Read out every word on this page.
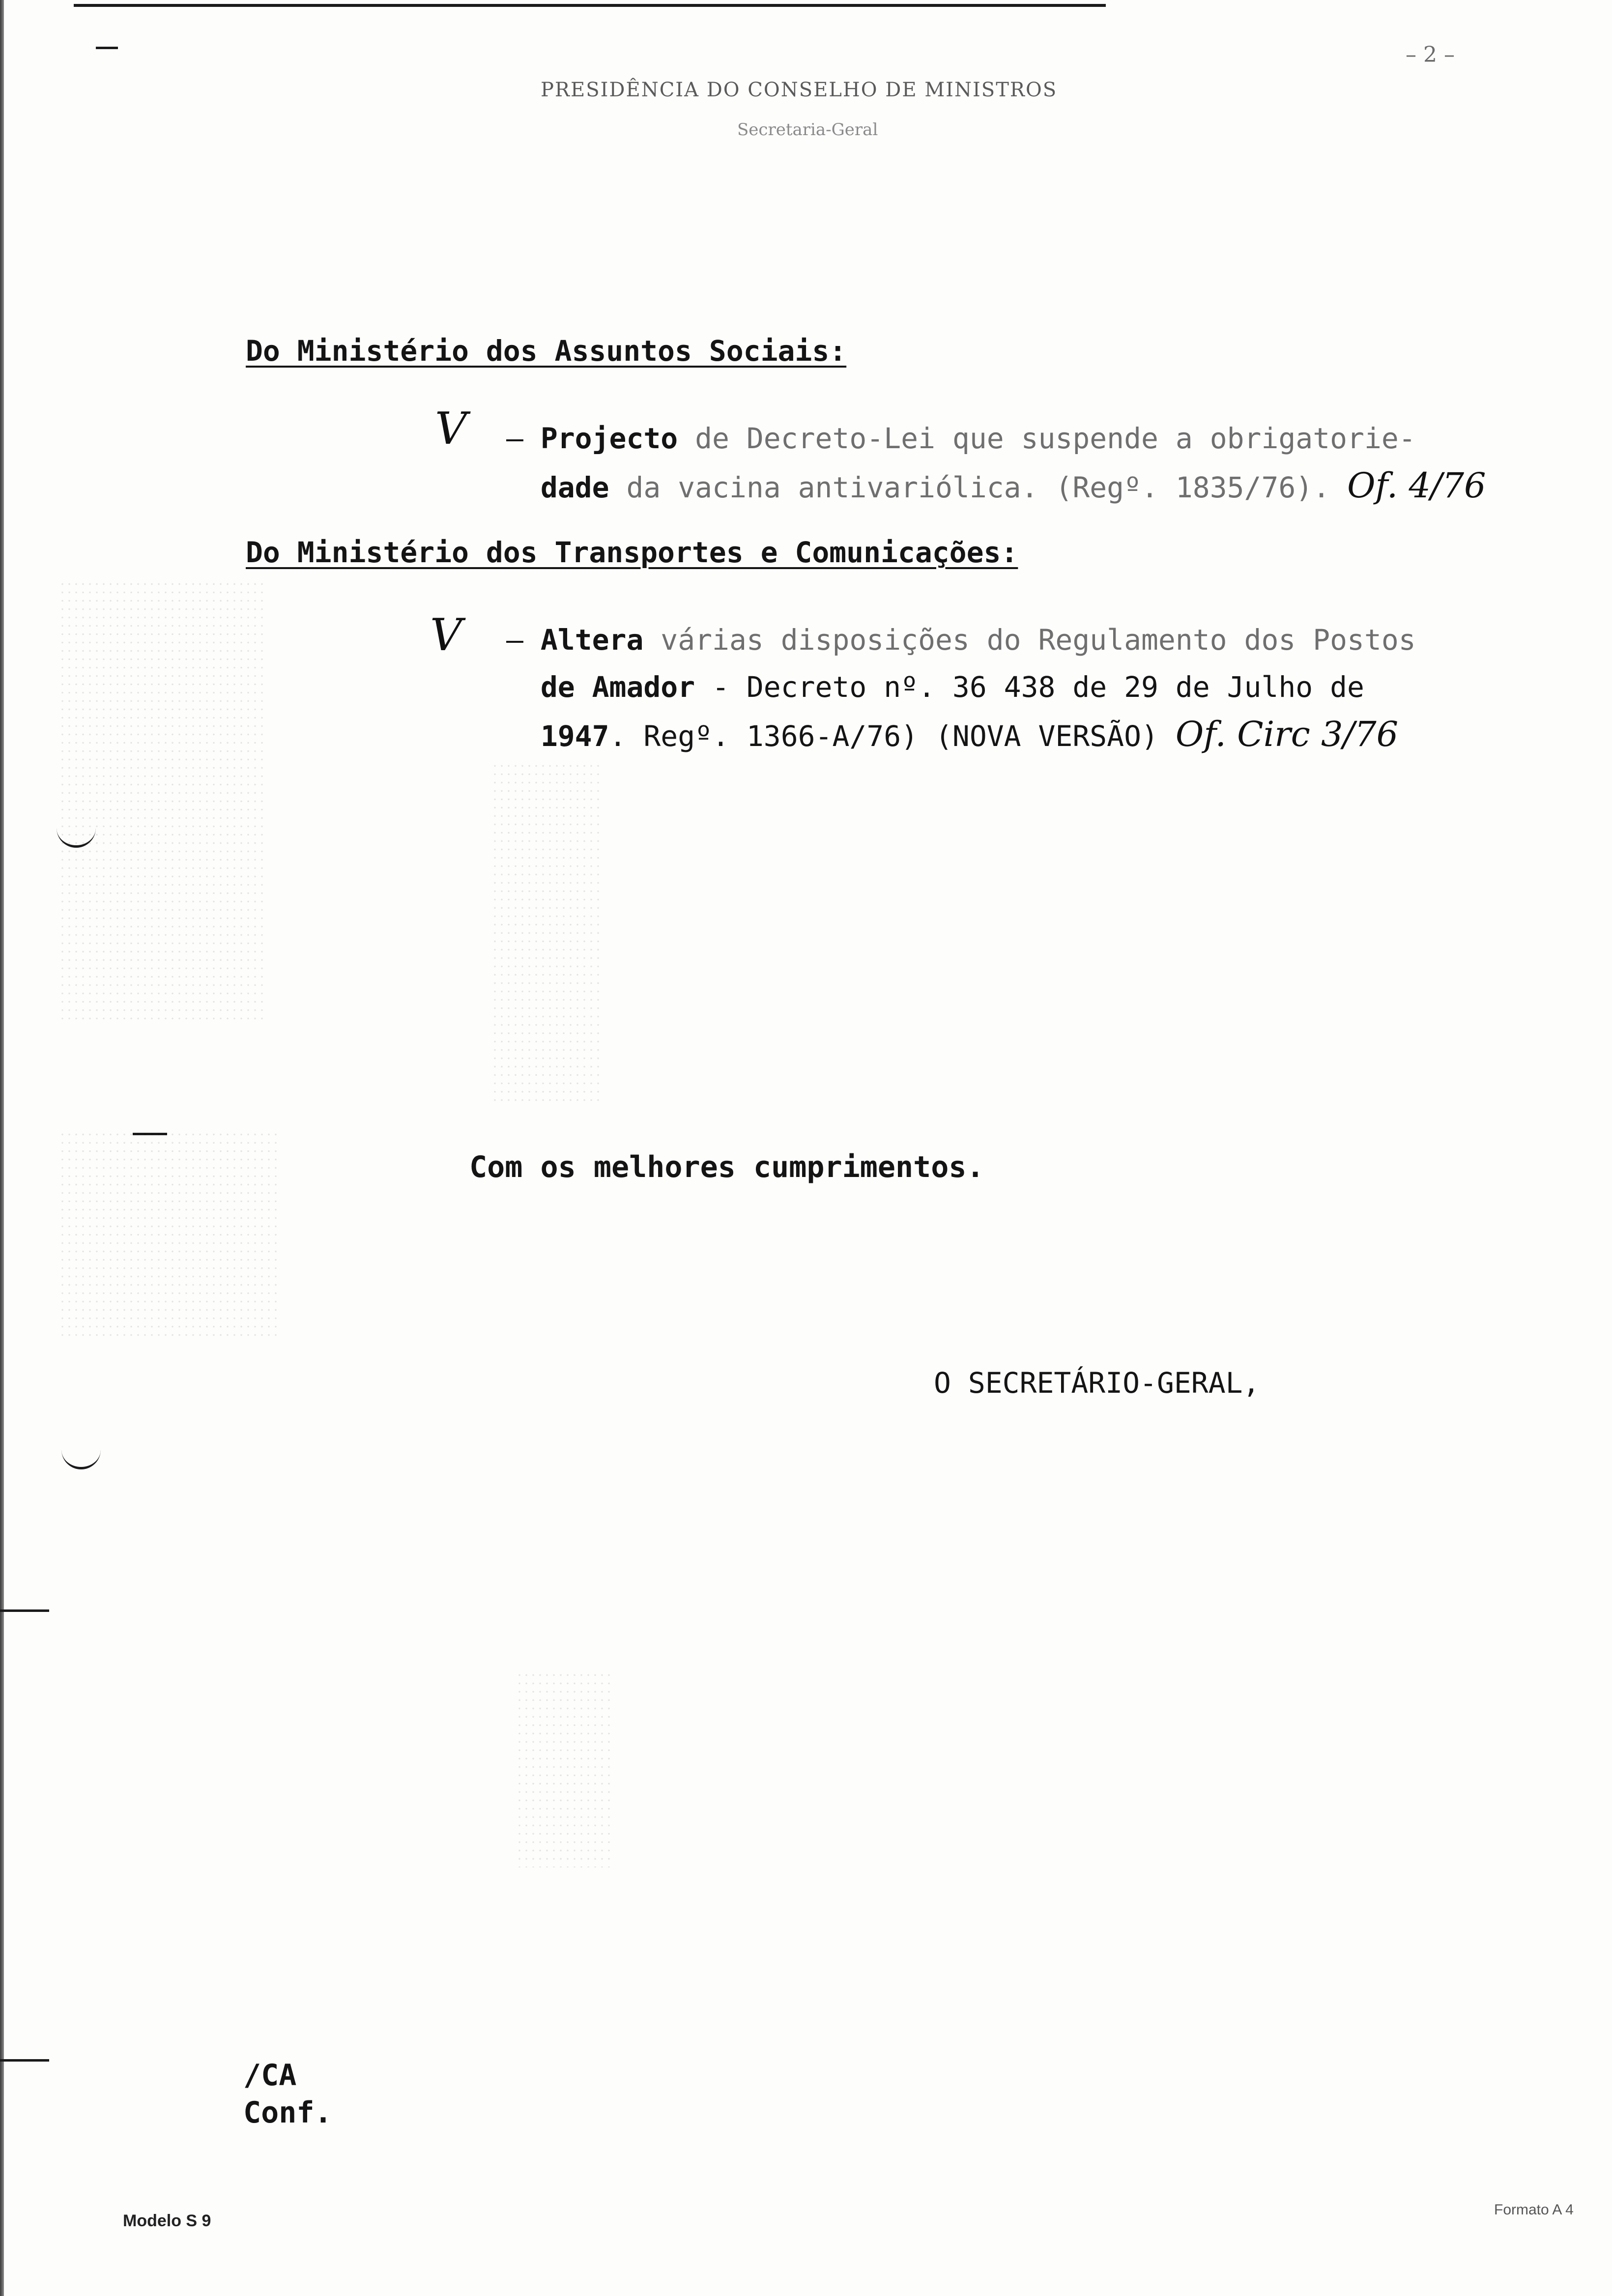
– 2 –
PRESIDÊNCIA DO CONSELHO DE MINISTROS
Secretaria-Geral
Do Ministério dos Assuntos Sociais:
V – Projecto de Decreto-Lei que suspende a obrigatorie-
dade da vacina antivariólica. (Regº. 1835/76). Of. 4/76
Do Ministério dos Transportes e Comunicações:
V – Altera várias disposições do Regulamento dos Postos
de Amador - Decreto nº. 36 438 de 29 de Julho de
1947. Regº. 1366-A/76) (NOVA VERSÃO) Of. Circ 3/76
Com os melhores cumprimentos.
O SECRETÁRIO-GERAL,
/CA
Conf.
Modelo S 9
Formato A 4
